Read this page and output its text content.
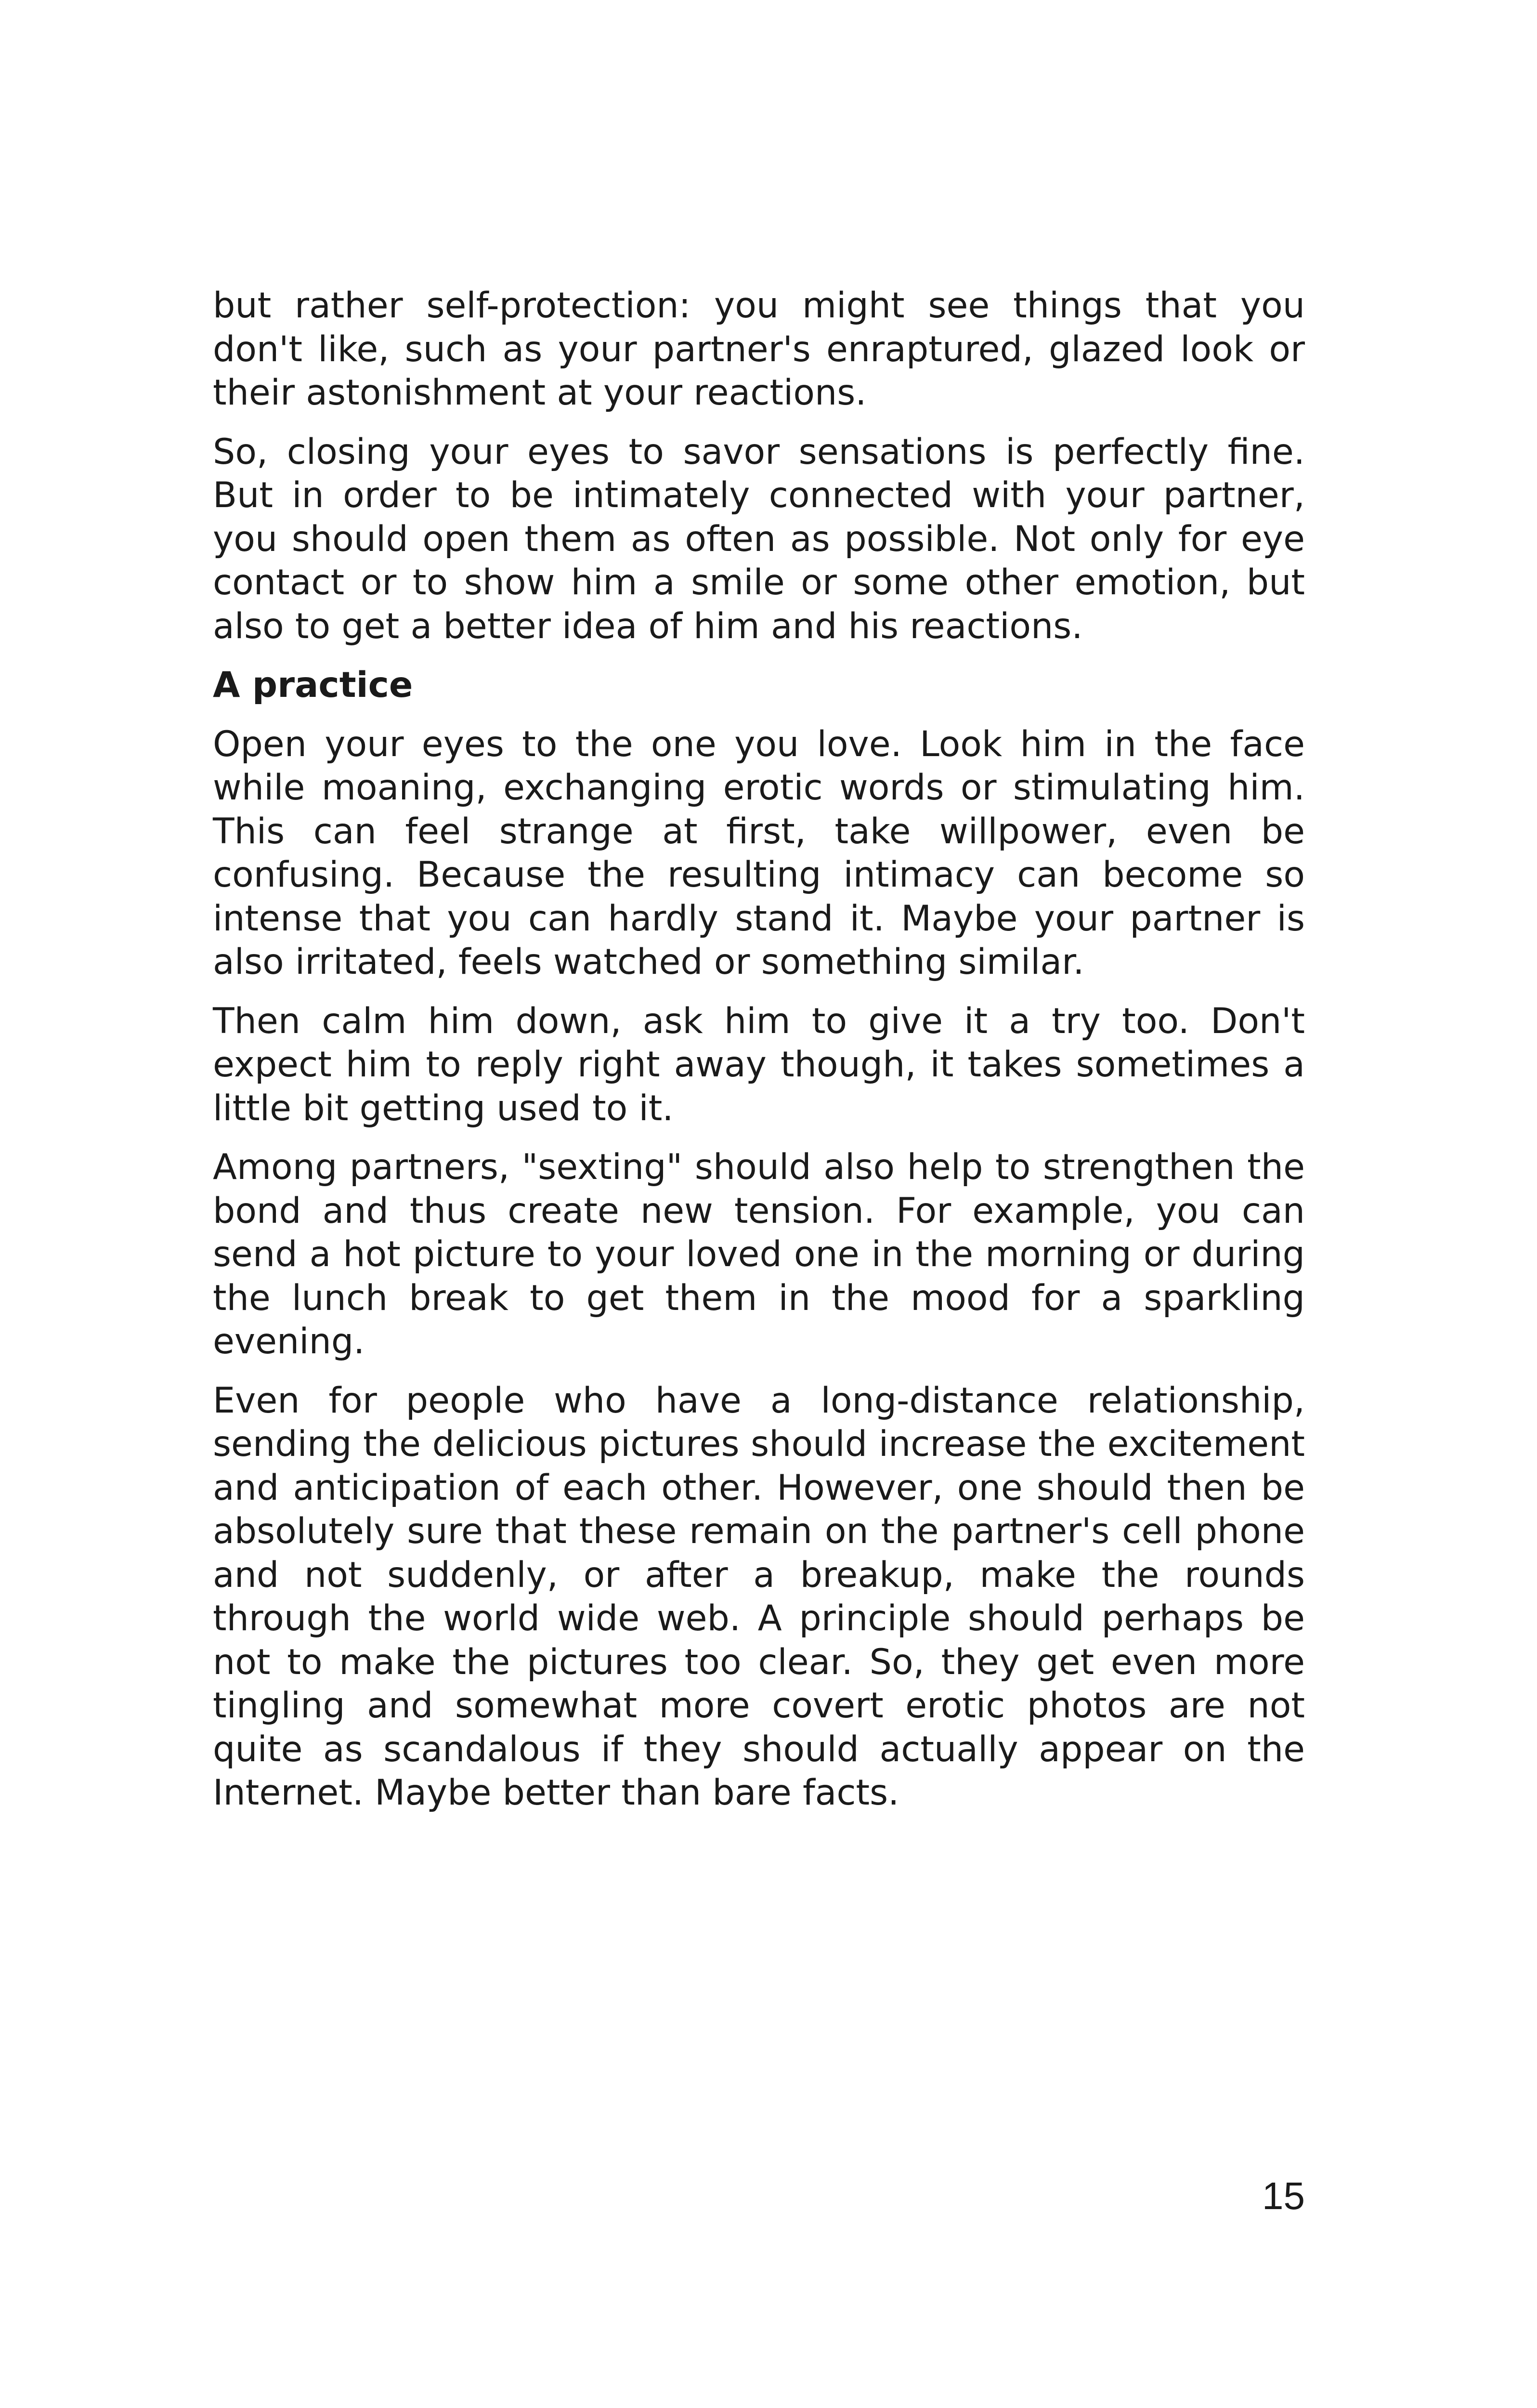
but rather self-protection: you might see things that you don't like, such as your partner's enraptured, glazed look or their astonishment at your reactions.

So, closing your eyes to savor sensations is perfectly fine. But in order to be intimately connected with your partner, you should open them as often as possible. Not only for eye contact or to show him a smile or some other emotion, but also to get a better idea of him and his reactions.

A practice

Open your eyes to the one you love. Look him in the face while moaning, exchanging erotic words or stimulating him. This can feel strange at first, take willpower, even be confusing. Because the resulting intimacy can become so intense that you can hardly stand it. Maybe your partner is also irritated, feels watched or something similar.

Then calm him down, ask him to give it a try too. Don't expect him to reply right away though, it takes sometimes a little bit getting used to it.

Among partners, "sexting" should also help to strengthen the bond and thus create new tension. For example, you can send a hot picture to your loved one in the morning or during the lunch break to get them in the mood for a sparkling evening.

Even for people who have a long-distance relationship, sending the delicious pictures should increase the excitement and anticipation of each other. However, one should then be absolutely sure that these remain on the partner's cell phone and not suddenly, or after a breakup, make the rounds through the world wide web. A principle should perhaps be not to make the pictures too clear. So, they get even more tingling and somewhat more covert erotic photos are not quite as scandalous if they should actually appear on the Internet. Maybe better than bare facts.

15
